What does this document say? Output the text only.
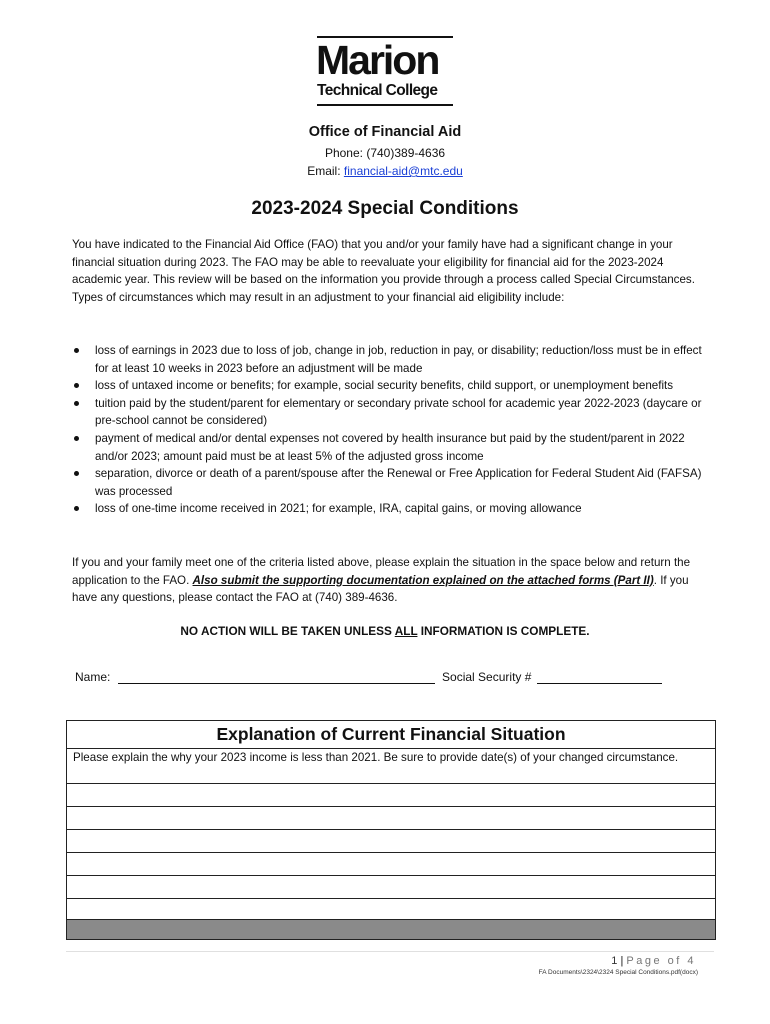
Marion
Technical College
Office of Financial Aid
Phone: (740)389-4636
Email: financial-aid@mtc.edu
2023-2024 Special Conditions
You have indicated to the Financial Aid Office (FAO) that you and/or your family have had a significant change in your financial situation during 2023. The FAO may be able to reevaluate your eligibility for financial aid for the 2023-2024 academic year. This review will be based on the information you provide through a process called Special Circumstances. Types of circumstances which may result in an adjustment to your financial aid eligibility include:
loss of earnings in 2023 due to loss of job, change in job, reduction in pay, or disability; reduction/loss must be in effect for at least 10 weeks in 2023 before an adjustment will be made
loss of untaxed income or benefits; for example, social security benefits, child support, or unemployment benefits
tuition paid by the student/parent for elementary or secondary private school for academic year 2022-2023 (daycare or pre-school cannot be considered)
payment of medical and/or dental expenses not covered by health insurance but paid by the student/parent in 2022 and/or 2023; amount paid must be at least 5% of the adjusted gross income
separation, divorce or death of a parent/spouse after the Renewal or Free Application for Federal Student Aid (FAFSA) was processed
loss of one-time income received in 2021; for example, IRA, capital gains, or moving allowance
If you and your family meet one of the criteria listed above, please explain the situation in the space below and return the application to the FAO. Also submit the supporting documentation explained on the attached forms (Part II). If you have any questions, please contact the FAO at (740) 389-4636.
NO ACTION WILL BE TAKEN UNLESS ALL INFORMATION IS COMPLETE.
Name:	Social Security #
Explanation of Current Financial Situation
Please explain the why your 2023 income is less than 2021. Be sure to provide date(s) of your changed circumstance.
1 | Page of 4
FA Documents\2324\2324 Special Conditions.pdf(docx)
